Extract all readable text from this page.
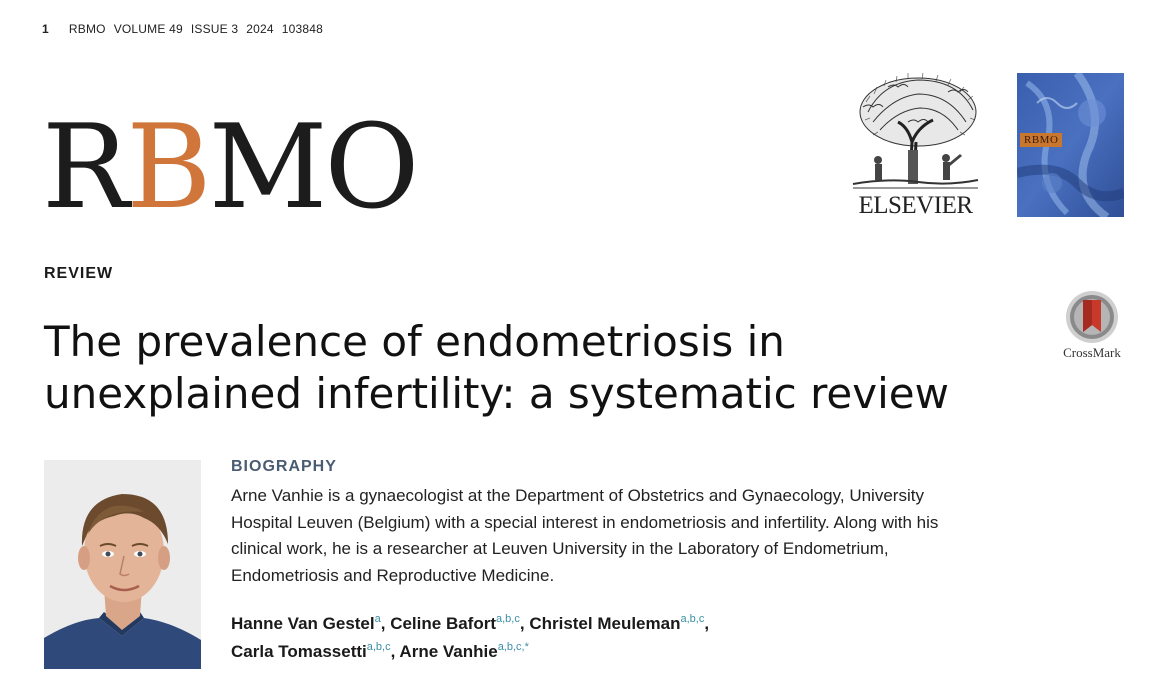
1 RBMO VOLUME 49 ISSUE 3 2024 103848
RBMO	ELSEVIER
RBMO
REVIEW
The prevalence of endometriosis in
unexplained infertility: a systematic review
CrossMark
BIOGRAPHY
Arne Vanhie is a gynaecologist at the Department of Obstetrics and Gynaecology, University
Hospital Leuven (Belgium) with a special interest in endometriosis and infertility. Along with his
clinical work, he is a researcher at Leuven University in the Laboratory of Endometrium,
Endometriosis and Reproductive Medicine.
Hanne Van Gestel$^a$, Celine Bafort$^{a,b,c}$, Christel Meuleman$^{a,b,c}$,
Carla Tomassetti$^{a,b,c}$, Arne Vanhie$^{a,b,c,*}$
